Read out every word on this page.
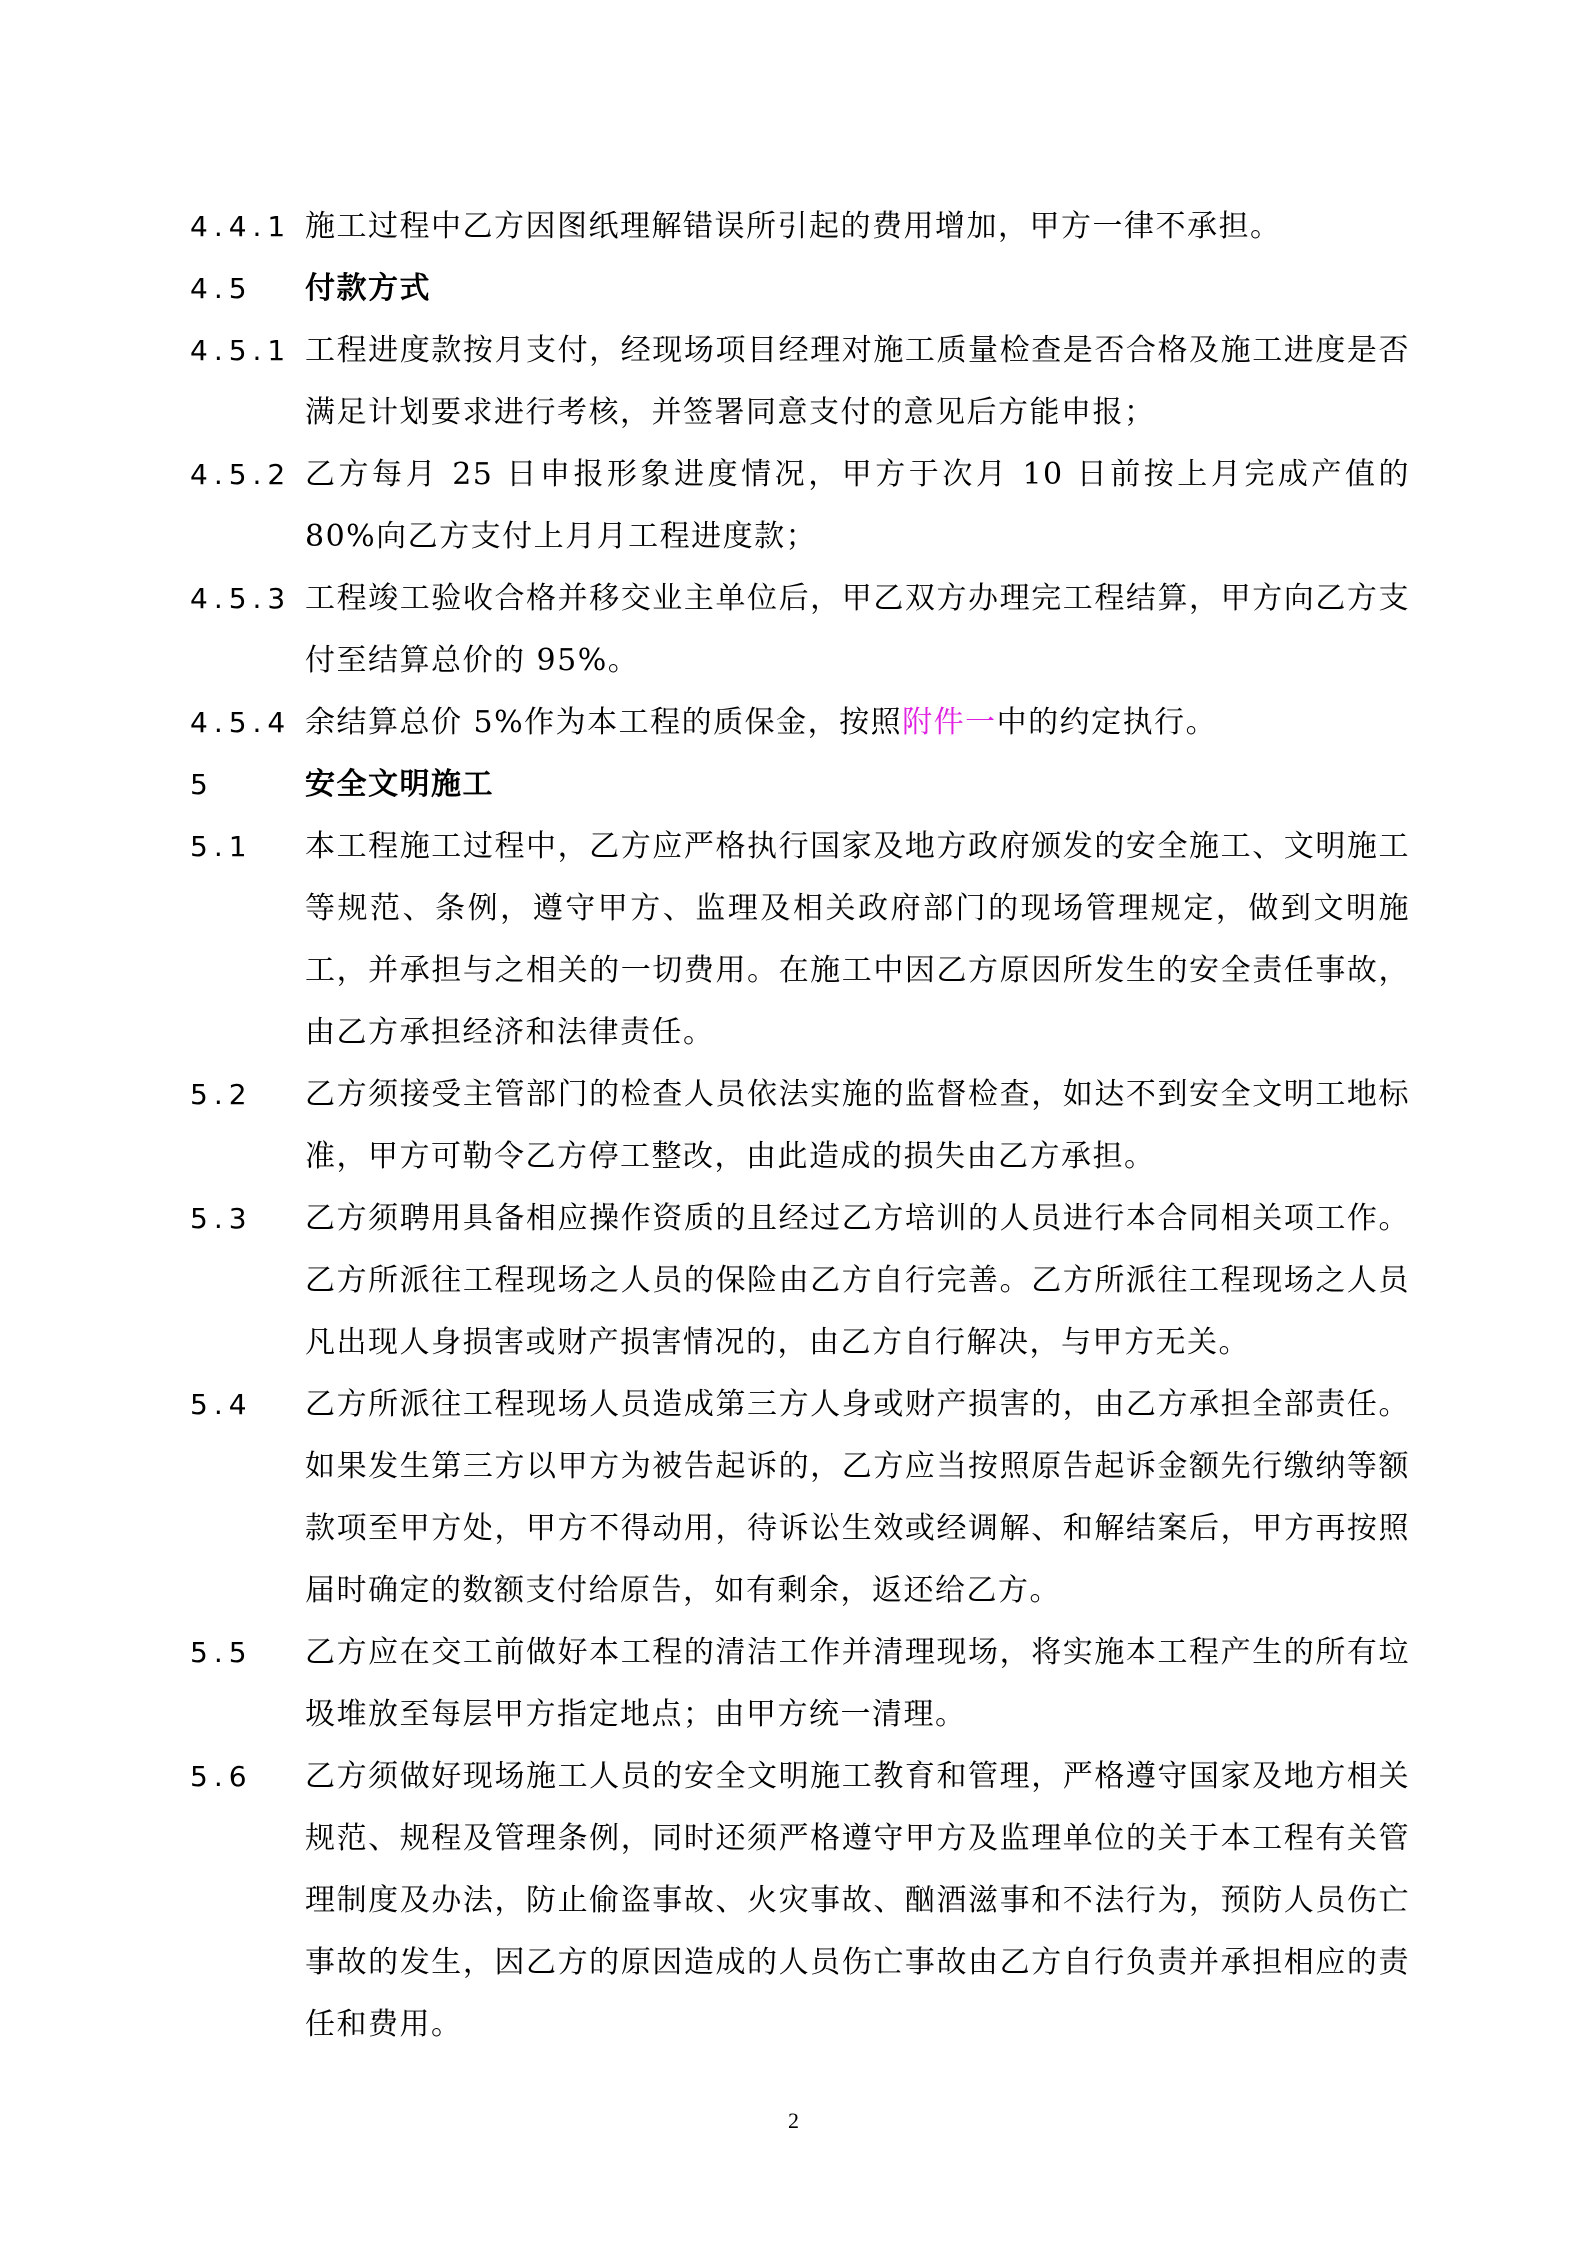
4.4.1 施工过程中乙方因图纸理解错误所引起的费用增加，甲方一律不承担。
4.5 付款方式
4.5.1 工程进度款按月支付，经现场项目经理对施工质量检查是否合格及施工进度是否满足计划要求进行考核，并签署同意支付的意见后方能申报；
4.5.2 乙方每月 25 日申报形象进度情况，甲方于次月 10 日前按上月完成产值的 80%向乙方支付上月月工程进度款；
4.5.3 工程竣工验收合格并移交业主单位后，甲乙双方办理完工程结算，甲方向乙方支付至结算总价的 95%。
4.5.4 余结算总价 5%作为本工程的质保金，按照附件一中的约定执行。
5	安全文明施工
5.1 本工程施工过程中，乙方应严格执行国家及地方政府颁发的安全施工、文明施工等规范、条例，遵守甲方、监理及相关政府部门的现场管理规定，做到文明施工，并承担与之相关的一切费用。在施工中因乙方原因所发生的安全责任事故，由乙方承担经济和法律责任。
5.2 乙方须接受主管部门的检查人员依法实施的监督检查，如达不到安全文明工地标准，甲方可勒令乙方停工整改，由此造成的损失由乙方承担。
5.3 乙方须聘用具备相应操作资质的且经过乙方培训的人员进行本合同相关项工作。乙方所派往工程现场之人员的保险由乙方自行完善。乙方所派往工程现场之人员凡出现人身损害或财产损害情况的，由乙方自行解决，与甲方无关。
5.4 乙方所派往工程现场人员造成第三方人身或财产损害的，由乙方承担全部责任。如果发生第三方以甲方为被告起诉的，乙方应当按照原告起诉金额先行缴纳等额款项至甲方处，甲方不得动用，待诉讼生效或经调解、和解结案后，甲方再按照届时确定的数额支付给原告，如有剩余，返还给乙方。
5.5 乙方应在交工前做好本工程的清洁工作并清理现场，将实施本工程产生的所有垃圾堆放至每层甲方指定地点；由甲方统一清理。
5.6 乙方须做好现场施工人员的安全文明施工教育和管理，严格遵守国家及地方相关规范、规程及管理条例，同时还须严格遵守甲方及监理单位的关于本工程有关管理制度及办法，防止偷盗事故、火灾事故、酗酒滋事和不法行为，预防人员伤亡事故的发生，因乙方的原因造成的人员伤亡事故由乙方自行负责并承担相应的责任和费用。
2
